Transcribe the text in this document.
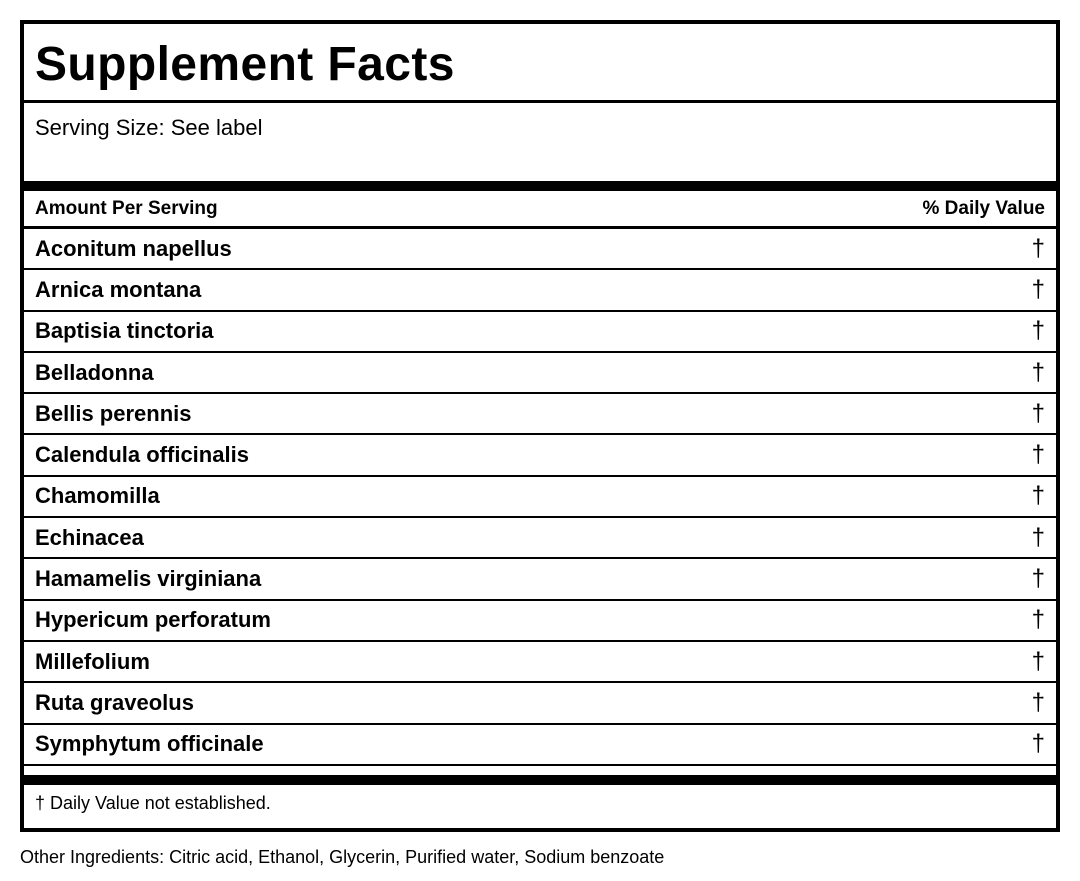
Supplement Facts
Serving Size: See label
Amount Per Serving	% Daily Value
Aconitum napellus	†
Arnica montana	†
Baptisia tinctoria	†
Belladonna	†
Bellis perennis	†
Calendula officinalis	†
Chamomilla	†
Echinacea	†
Hamamelis virginiana	†
Hypericum perforatum	†
Millefolium	†
Ruta graveolus	†
Symphytum officinale	†
† Daily Value not established.
Other Ingredients: Citric acid, Ethanol, Glycerin, Purified water, Sodium benzoate
